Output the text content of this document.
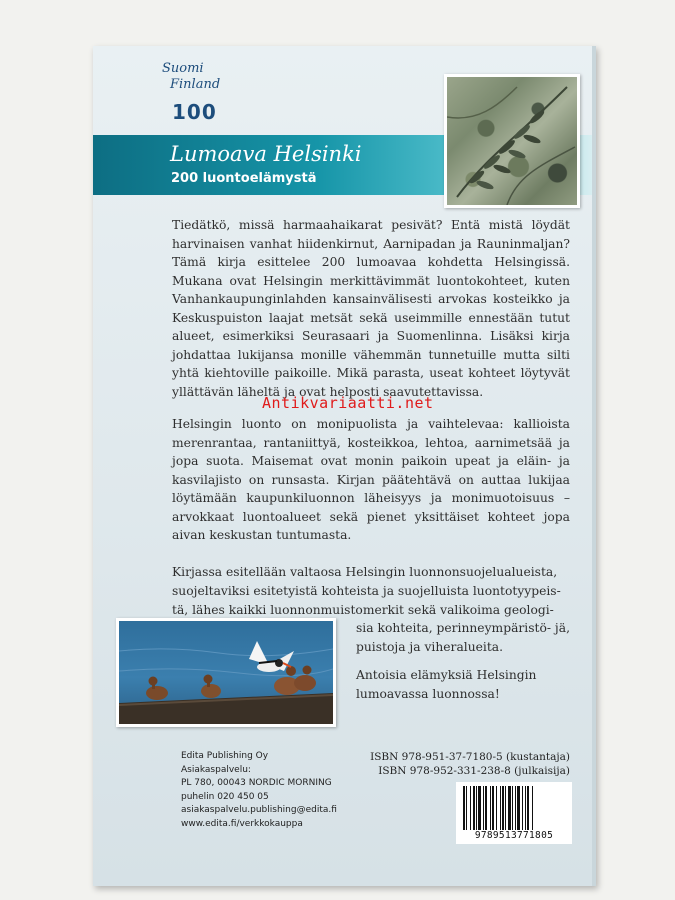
Suomi
Finland
100
Lumoava Helsinki
200 luontoelämystä
Tiedätkö, missä harmaahaikarat pesivät? Entä mistä löydät harvinaisen vanhat hiidenkirnut, Aarnipadan ja Rauninmaljan? Tämä kirja esittelee 200 lumoavaa kohdetta Helsingissä. Mukana ovat Helsingin merkittävimmät luontokohteet, kuten Vanhankaupunginlahden kansainvälisesti arvokas kosteikko ja Keskuspuiston laajat metsät sekä useimmille ennestään tutut alueet, esimerkiksi Seurasaari ja Suomenlinna. Lisäksi kirja johdattaa lukijansa monille vähemmän tunnetuille mutta silti yhtä kiehtoville paikoille. Mikä parasta, useat kohteet löytyvät yllättävän läheltä ja ovat helposti saavutettavissa.
Antikvariaatti.net
Helsingin luonto on monipuolista ja vaihtelevaa: kallioista merenrantaa, rantaniittyä, kosteikkoa, lehtoa, aarnimetsää ja jopa suota. Maisemat ovat monin paikoin upeat ja eläin- ja kasvilajisto on runsasta. Kirjan päätehtävä on auttaa lukijaa löytämään kaupunkiluonnon läheisyys ja monimuotoisuus – arvokkaat luontoalueet sekä pienet yksittäiset kohteet jopa aivan keskustan tuntumasta.
Kirjassa esitellään valtaosa Helsingin luonnonsuojelualueista,
suojeltaviksi esitetyistä kohteista ja suojelluista luontotyypeis-
tä, lähes kaikki luonnonmuistomerkit sekä valikoima geologi-
sia kohteita, perinneympäristö- jä, puistoja ja viheralueita.
Antoisia elämyksiä Helsingin lumoavassa luonnossa!
Edita Publishing Oy
Asiakaspalvelu:
PL 780, 00043 NORDIC MORNING
puhelin 020 450 05
asiakaspalvelu.publishing@edita.fi
www.edita.fi/verkkokauppa
ISBN 978-951-37-7180-5 (kustantaja)
ISBN 978-952-331-238-8 (julkaisija)
9789513771805
